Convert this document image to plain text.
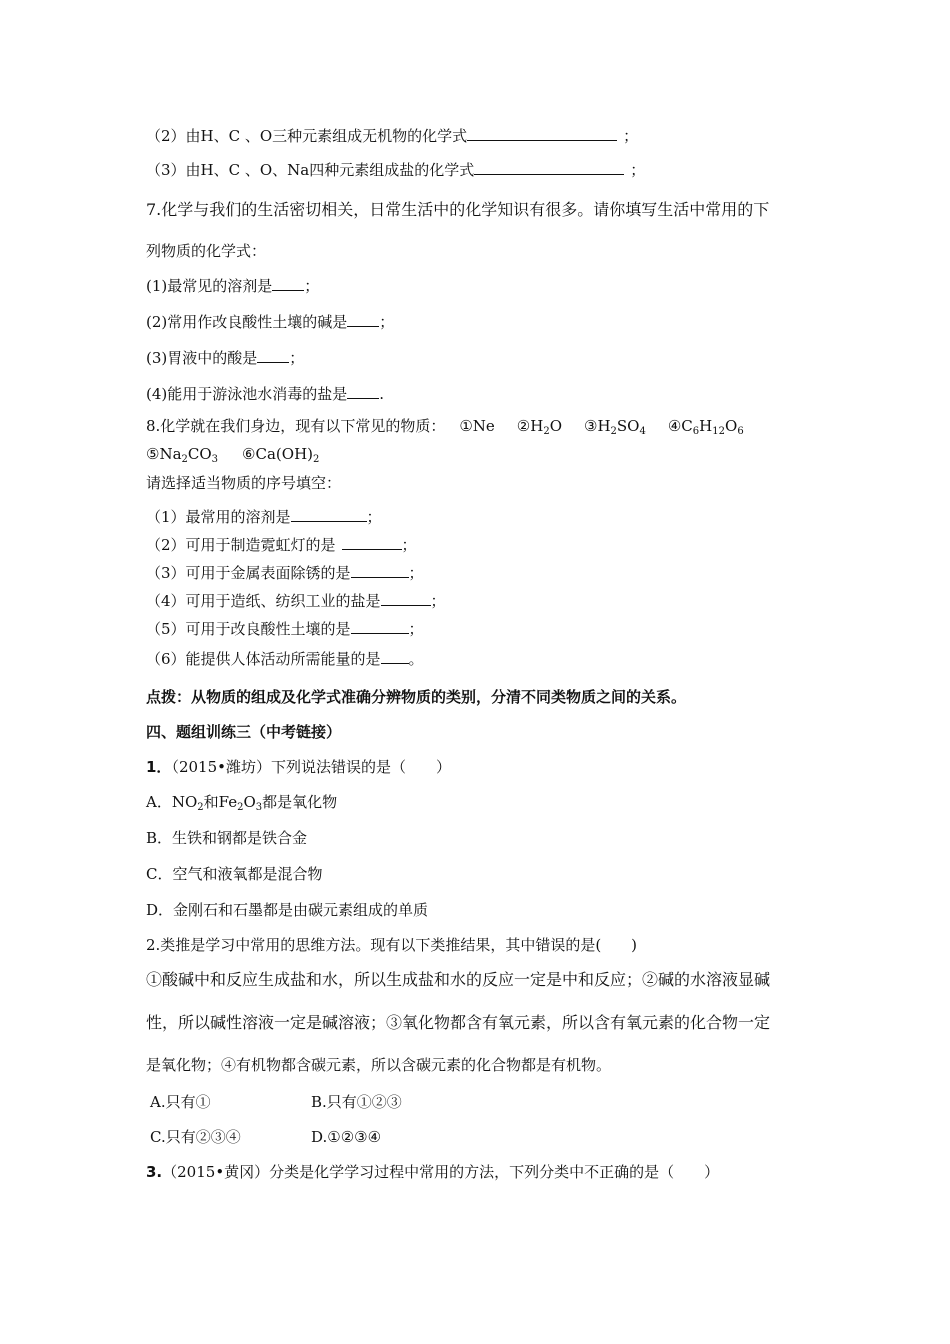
（2）由H、C 、O三种元素组成无机物的化学式	；
（3）由H、C 、O、Na四种元素组成盐的化学式	；
7.化学与我们的生活密切相关，日常生活中的化学知识有很多。请你填写生活中常用的下
列物质的化学式：
(1)最常见的溶剂是 ；
(2)常用作改良酸性土壤的碱是 ；
(3)胃液中的酸是 ；
(4)能用于游泳池水消毒的盐是 .
8.化学就在我们身边，现有以下常见的物质： ①Ne $②H_2O$ $③H_2SO_4$ $④C_6H_{12}O_6$
$⑤Na_2CO_3$ $⑥Ca(OH)_2$
请选择适当物质的序号填空：
（1）最常用的溶剂是	；
（2）可用于制造霓虹灯的是	；
（3）可用于金属表面除锈的是	；
（4）可用于造纸、纺织工业的盐是	；
（5）可用于改良酸性土壤的是	；
（6）能提供人体活动所需能量的是 。
点拨：从物质的组成及化学式准确分辨物质的类别，分清不同类物质之间的关系。
四、题组训练三（中考链接）
1．（2015•潍坊）下列说法错误的是（　　）
A．$NO_2$和$Fe_2O_3$都是氧化物
B．生铁和钢都是铁合金
C．空气和液氧都是混合物
D．金刚石和石墨都是由碳元素组成的单质
2.类推是学习中常用的思维方法。现有以下类推结果，其中错误的是(　　)
①酸碱中和反应生成盐和水，所以生成盐和水的反应一定是中和反应；②碱的水溶液显碱
性，所以碱性溶液一定是碱溶液；③氧化物都含有氧元素，所以含有氧元素的化合物一定
是氧化物；④有机物都含碳元素，所以含碳元素的化合物都是有机物。
A.只有①	B.只有①②③
C.只有②③④	D.①②③④
3.（2015•黄冈）分类是化学学习过程中常用的方法，下列分类中不正确的是（　　）
